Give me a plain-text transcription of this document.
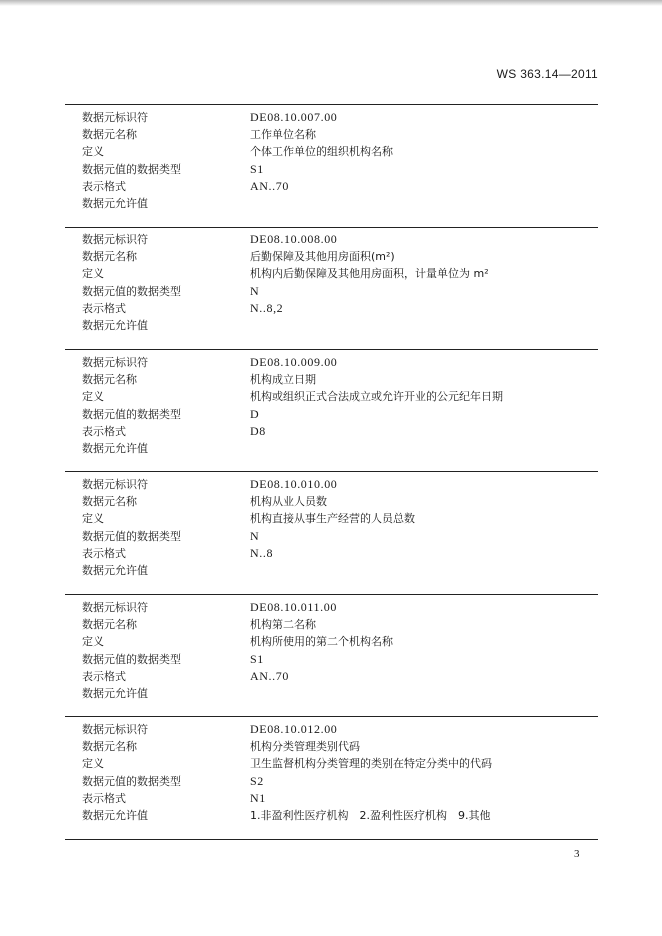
WS 363.14—2011
数据元标识符	DE08.10.007.00
数据元名称	工作单位名称
定义	个体工作单位的组织机构名称
数据元值的数据类型	S1
表示格式	AN..70
数据元允许值
数据元标识符	DE08.10.008.00
数据元名称	后勤保障及其他用房面积(m²)
定义	机构内后勤保障及其他用房面积，计量单位为 m²
数据元值的数据类型	N
表示格式	N..8,2
数据元允许值
数据元标识符	DE08.10.009.00
数据元名称	机构成立日期
定义	机构或组织正式合法成立或允许开业的公元纪年日期
数据元值的数据类型	D
表示格式	D8
数据元允许值
数据元标识符	DE08.10.010.00
数据元名称	机构从业人员数
定义	机构直接从事生产经营的人员总数
数据元值的数据类型	N
表示格式	N..8
数据元允许值
数据元标识符	DE08.10.011.00
数据元名称	机构第二名称
定义	机构所使用的第二个机构名称
数据元值的数据类型	S1
表示格式	AN..70
数据元允许值
数据元标识符	DE08.10.012.00
数据元名称	机构分类管理类别代码
定义	卫生监督机构分类管理的类别在特定分类中的代码
数据元值的数据类型	S2
表示格式	N1
数据元允许值	1.非盈利性医疗机构　2.盈利性医疗机构　9.其他
3
